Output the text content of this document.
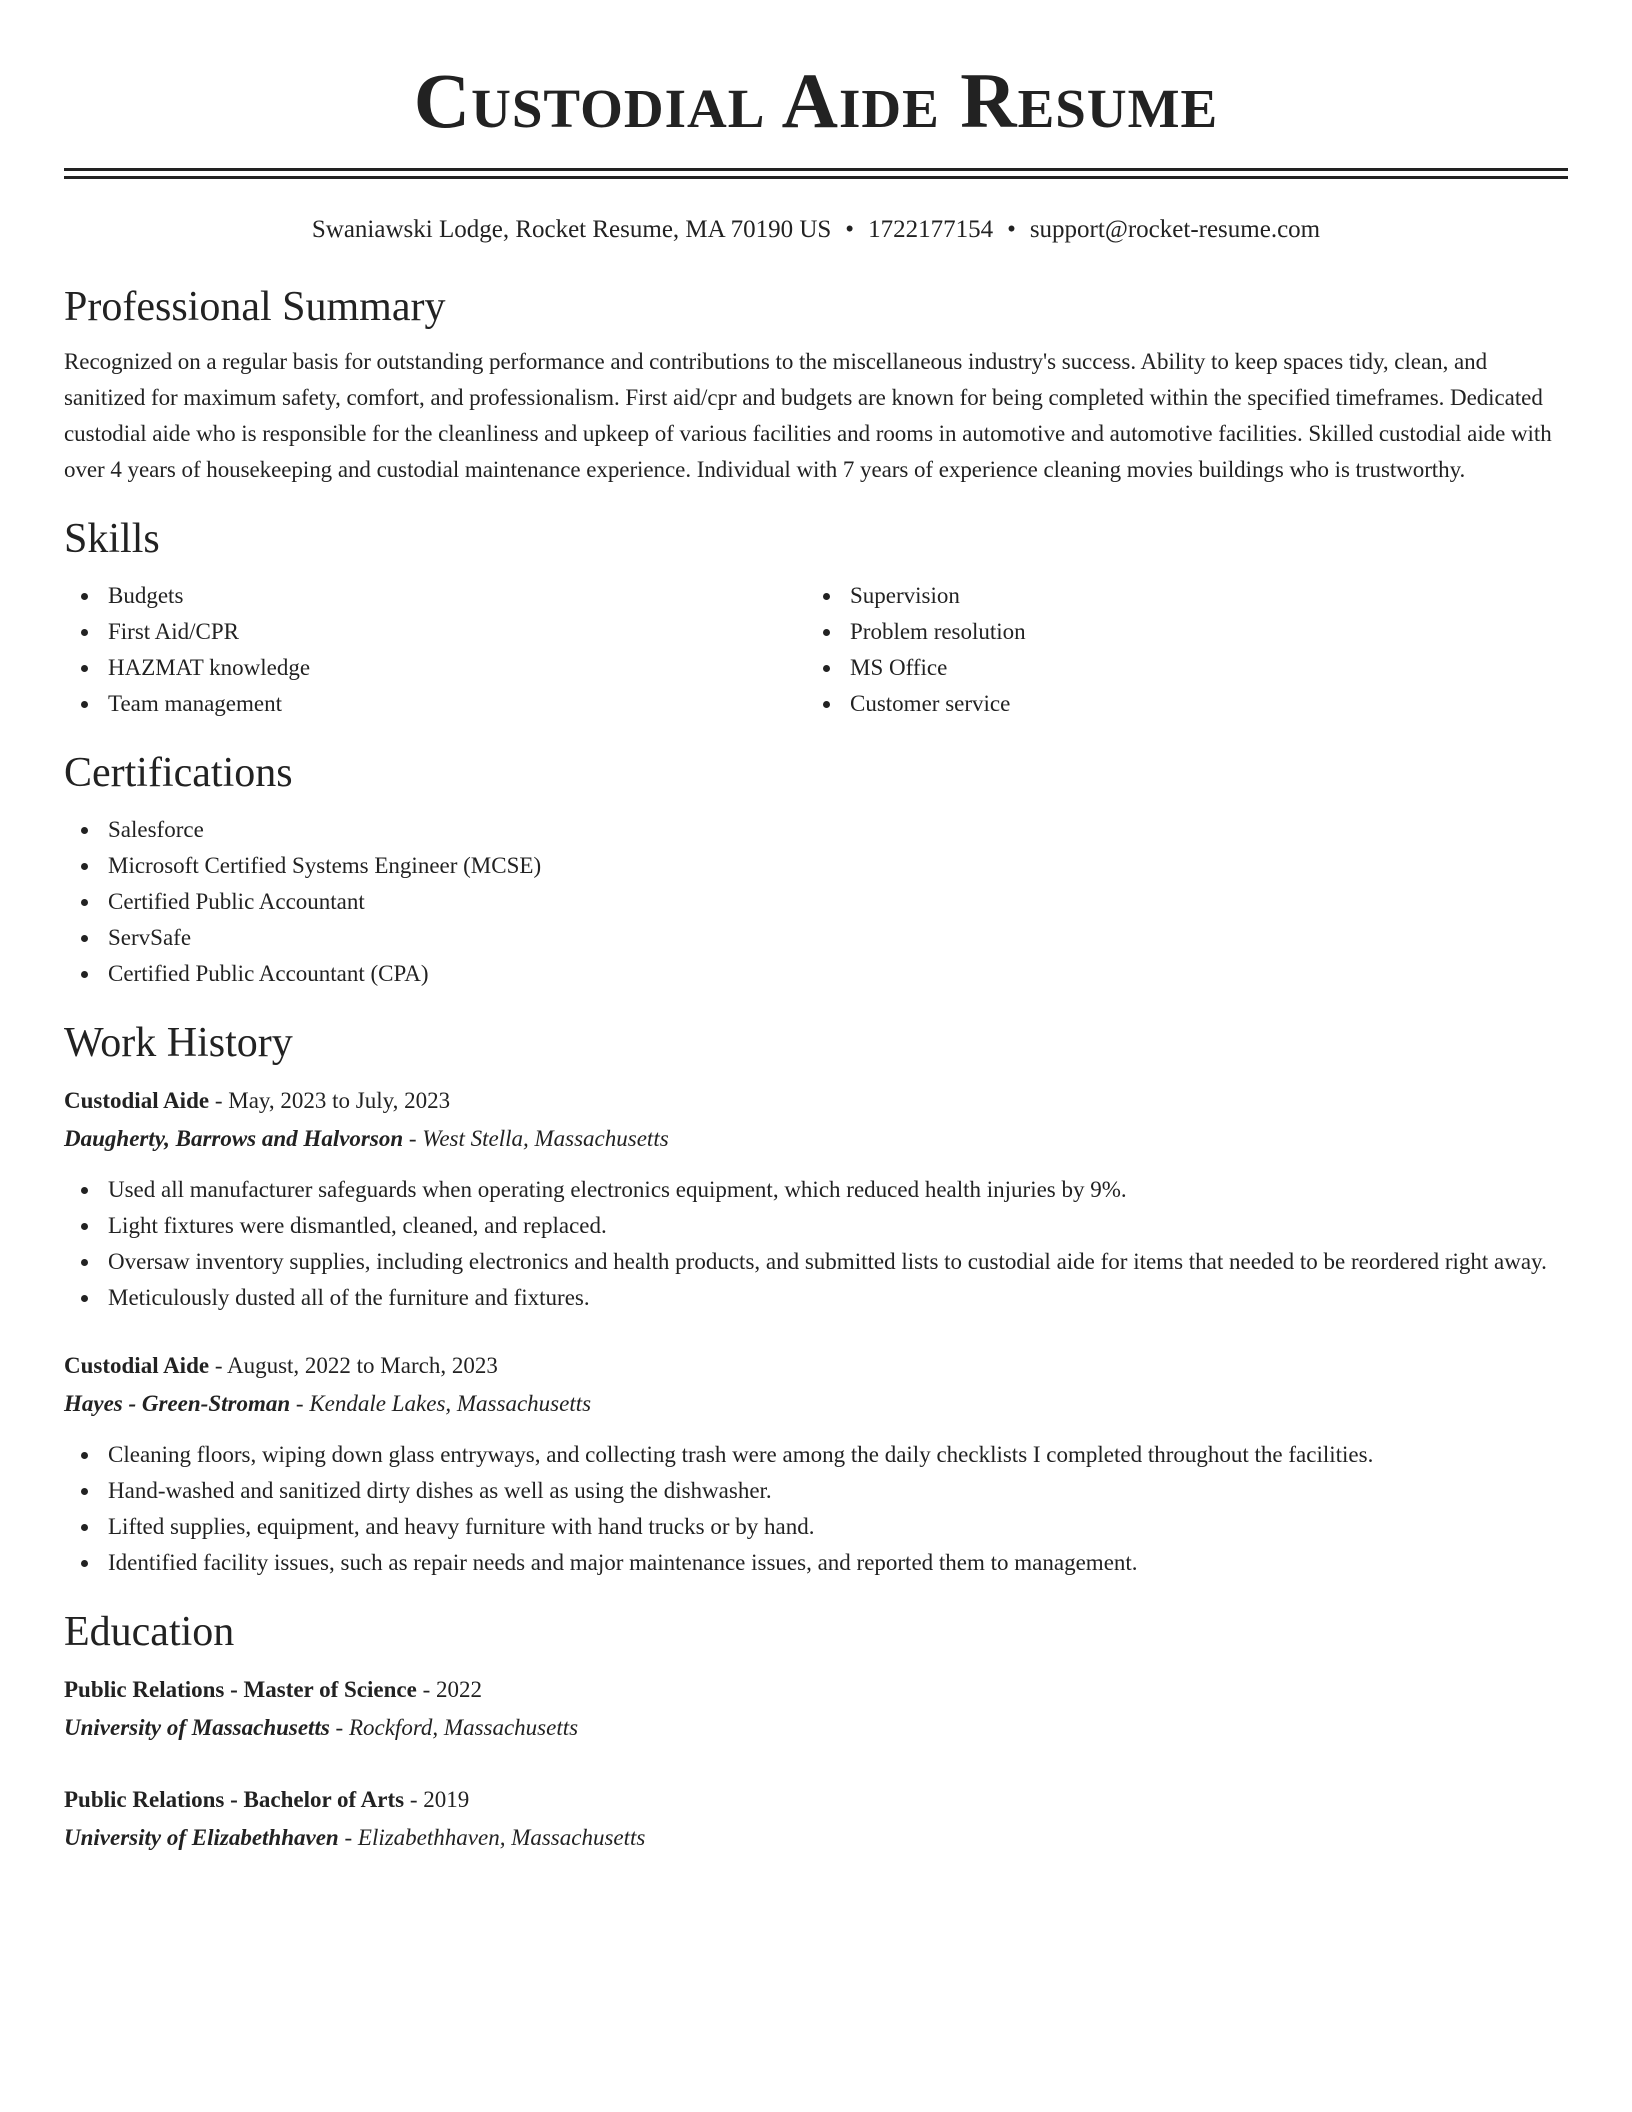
Custodial Aide Resume
Swaniawski Lodge, Rocket Resume, MA 70190 US • 1722177154 • support@rocket-resume.com
Professional Summary

Recognized on a regular basis for outstanding performance and contributions to the miscellaneous industry's success. Ability to keep spaces tidy, clean, and sanitized for maximum safety, comfort, and professionalism. First aid/cpr and budgets are known for being completed within the specified timeframes. Dedicated custodial aide who is responsible for the cleanliness and upkeep of various facilities and rooms in automotive and automotive facilities. Skilled custodial aide with over 4 years of housekeeping and custodial maintenance experience. Individual with 7 years of experience cleaning movies buildings who is trustworthy.

Skills
Budgets
First Aid/CPR
HAZMAT knowledge
Team management
Supervision
Problem resolution
MS Office
Customer service
Certifications
Salesforce
Microsoft Certified Systems Engineer (MCSE)
Certified Public Accountant
ServSafe
Certified Public Accountant (CPA)
Work History
Custodial Aide - May, 2023 to July, 2023
Daugherty, Barrows and Halvorson - West Stella, Massachusetts
Used all manufacturer safeguards when operating electronics equipment, which reduced health injuries by 9%.
Light fixtures were dismantled, cleaned, and replaced.
Oversaw inventory supplies, including electronics and health products, and submitted lists to custodial aide for items that needed to be reordered right away.
Meticulously dusted all of the furniture and fixtures.
Custodial Aide - August, 2022 to March, 2023
Hayes - Green-Stroman - Kendale Lakes, Massachusetts
Cleaning floors, wiping down glass entryways, and collecting trash were among the daily checklists I completed throughout the facilities.
Hand-washed and sanitized dirty dishes as well as using the dishwasher.
Lifted supplies, equipment, and heavy furniture with hand trucks or by hand.
Identified facility issues, such as repair needs and major maintenance issues, and reported them to management.
Education
Public Relations - Master of Science - 2022
University of Massachusetts - Rockford, Massachusetts
Public Relations - Bachelor of Arts - 2019
University of Elizabethhaven - Elizabethhaven, Massachusetts
